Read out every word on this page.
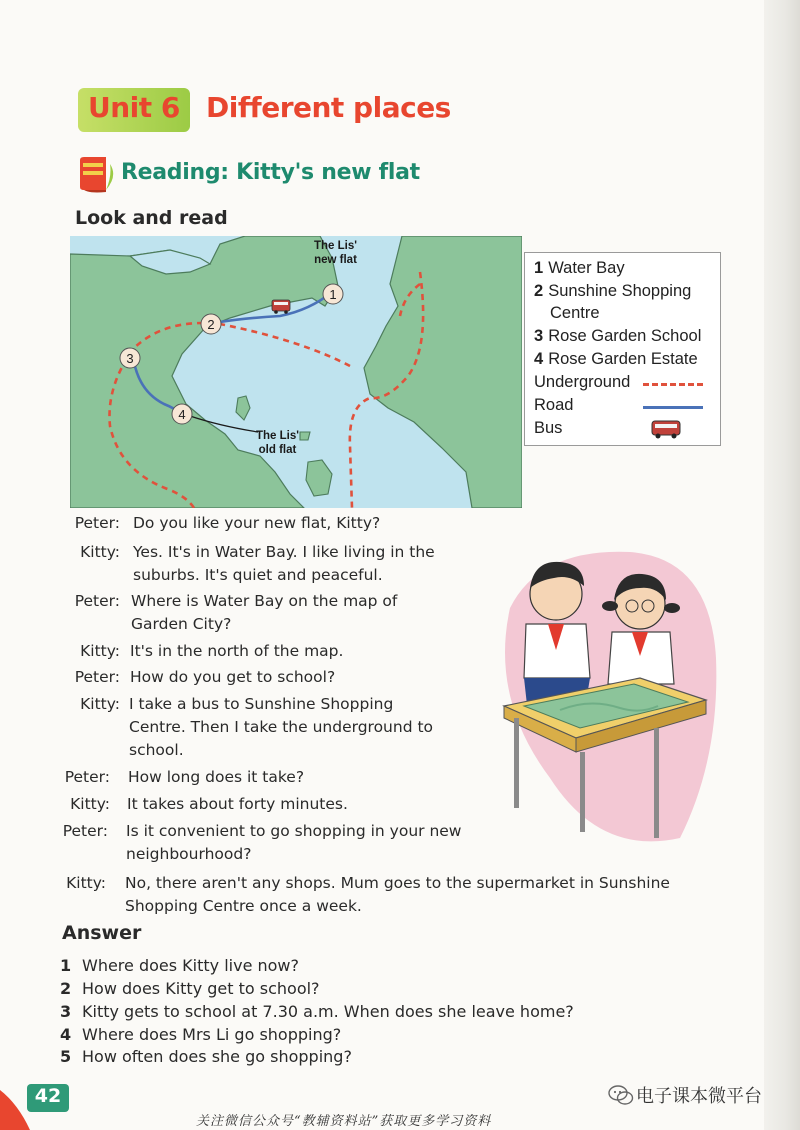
Unit 6 Different places
Reading: Kitty's new flat
Look and read
1
2
3
4
The Lis'
new flat
The Lis'
old flat
1 Water Bay
2 Sunshine Shopping
Centre
3 Rose Garden School
4 Rose Garden Estate
Underground
Road
Bus
Peter: Do you like your new flat, Kitty?
Kitty: Yes. It's in Water Bay. I like living in the
suburbs. It's quiet and peaceful.
Peter: Where is Water Bay on the map of
Garden City?
Kitty: It's in the north of the map.
Peter: How do you get to school?
Kitty: I take a bus to Sunshine Shopping
Centre. Then I take the underground to
school.
Peter: How long does it take?
Kitty: It takes about forty minutes.
Peter: Is it convenient to go shopping in your new
neighbourhood?
Kitty: No, there aren't any shops. Mum goes to the supermarket in Sunshine
Shopping Centre once a week.
Answer
1 Where does Kitty live now?
2 How does Kitty get to school?
3 Kitty gets to school at 7.30 a.m. When does she leave home?
4 Where does Mrs Li go shopping?
5 How often does she go shopping?
42	电子课本微平台
关注微信公众号“教辅资料站”获取更多学习资料
